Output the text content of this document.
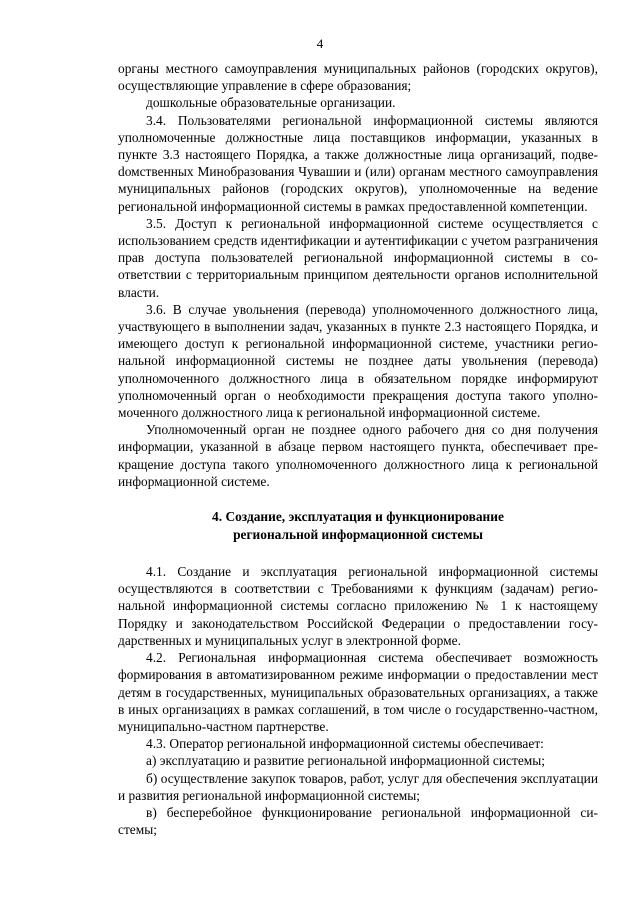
4

органы местного самоуправления муниципальных районов (городских округов), осуществляющие управление в сфере образования;

дошкольные образовательные организации.

3.4. Пользователями региональной информационной системы являются уполномоченные должностные лица поставщиков информации, указанных в пункте 3.3 настоящего Порядка, а также должностные лица организаций, подвеdомственных Минобразования Чувашии и (или) органам местного самоуправления муниципальных районов (городских округов), уполномоченные на ведение региональной информационной системы в рамках предоставленной компетенции.

3.5. Доступ к региональной информационной системе осуществляется с использованием средств идентификации и аутентификации с учетом разграничения прав доступа пользователей региональной информационной системы в соответствии с территориальным принципом деятельности органов исполнительной власти.

3.6. В случае увольнения (перевода) уполномоченного должностного лица, участвующего в выполнении задач, указанных в пункте 2.3 настоящего Порядка, и имеющего доступ к региональной информационной системе, участники региональной информационной системы не позднее даты увольнения (перевода) уполномоченного должностного лица в обязательном порядке информируют уполномоченный орган о необходимости прекращения доступа такого уполномоченного должностного лица к региональной информационной системе.

Уполномоченный орган не позднее одного рабочего дня со дня получения информации, указанной в абзаце первом настоящего пункта, обеспечивает прекращение доступа такого уполномоченного должностного лица к региональной информационной системе.

4. Создание, эксплуатация и функционирование
региональной информационной системы

4.1. Создание и эксплуатация региональной информационной системы осуществляются в соответствии с Требованиями к функциям (задачам) региональной информационной системы согласно приложению № 1 к настоящему Порядку и законодательством Российской Федерации о предоставлении государственных и муниципальных услуг в электронной форме.

4.2. Региональная информационная система обеспечивает возможность формирования в автоматизированном режиме информации о предоставлении мест детям в государственных, муниципальных образовательных организациях, а также в иных организациях в рамках соглашений, в том числе о государственно-частном, муниципально-частном партнерстве.

4.3. Оператор региональной информационной системы обеспечивает:

а) эксплуатацию и развитие региональной информационной системы;

б) осуществление закупок товаров, работ, услуг для обеспечения эксплуатации и развития региональной информационной системы;

в) бесперебойное функционирование региональной информационной системы;
